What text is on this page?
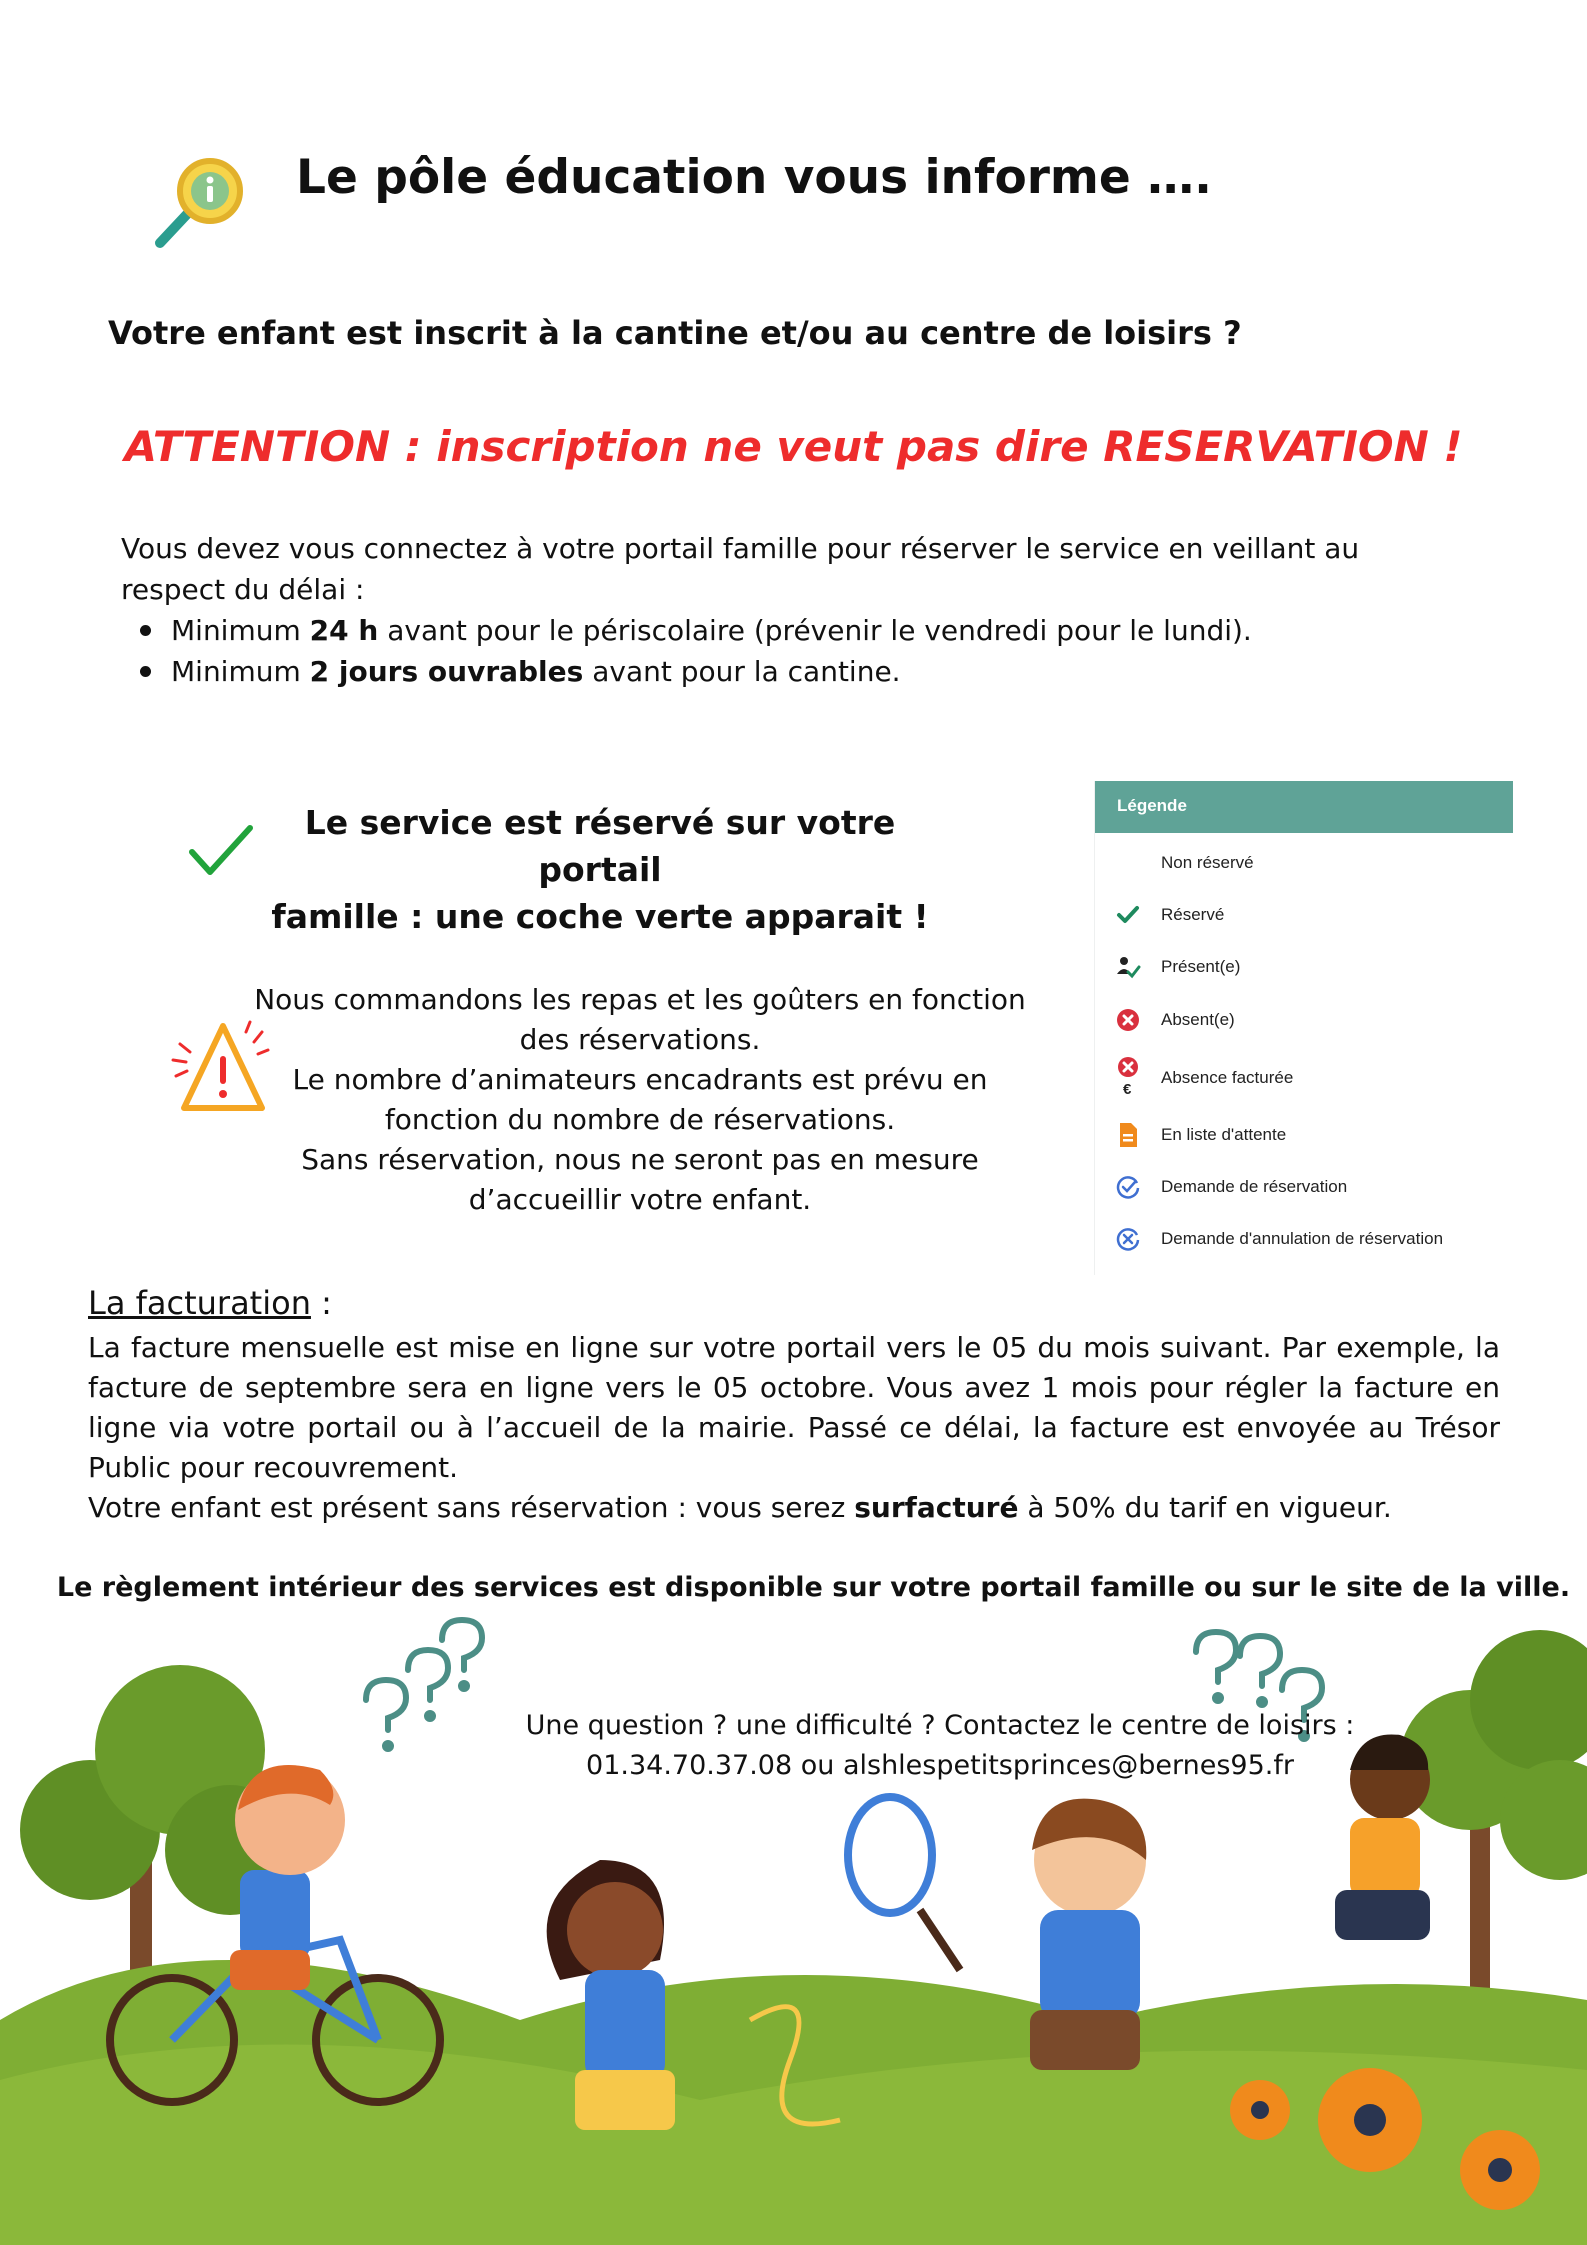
Le pôle éducation vous informe ….
Votre enfant est inscrit à la cantine et/ou au centre de loisirs ?
ATTENTION : inscription ne veut pas dire RESERVATION !
Vous devez vous connectez à votre portail famille pour réserver le service en veillant au respect du délai :
Minimum 24 h avant pour le périscolaire (prévenir le vendredi pour le lundi).
Minimum 2 jours ouvrables avant pour la cantine.
Le service est réservé sur votre portail
famille : une coche verte apparait !
Nous commandons les repas et les goûters en fonction
des réservations.
Le nombre d’animateurs encadrants est prévu en
fonction du nombre de réservations.
Sans réservation, nous ne seront pas en mesure
d’accueillir votre enfant.
Légende
Non réservé
Réservé
Présent(e)
Absent(e)
€
Absence facturée
En liste d'attente
Demande de réservation
Demande d'annulation de réservation
La facturation :
La facture mensuelle est mise en ligne sur votre portail vers le 05 du mois suivant. Par exemple, la facture de septembre sera en ligne vers le 05 octobre. Vous avez 1 mois pour régler la facture en ligne via votre portail ou à l’accueil de la mairie. Passé ce délai, la facture est envoyée au Trésor Public pour recouvrement.
Votre enfant est présent sans réservation : vous serez surfacturé à 50% du tarif en vigueur.
Le règlement intérieur des services est disponible sur votre portail famille ou sur le site de la ville.
Une question ? une difficulté ? Contactez le centre de loisirs :
01.34.70.37.08 ou alshlespetitsprinces@bernes95.fr
